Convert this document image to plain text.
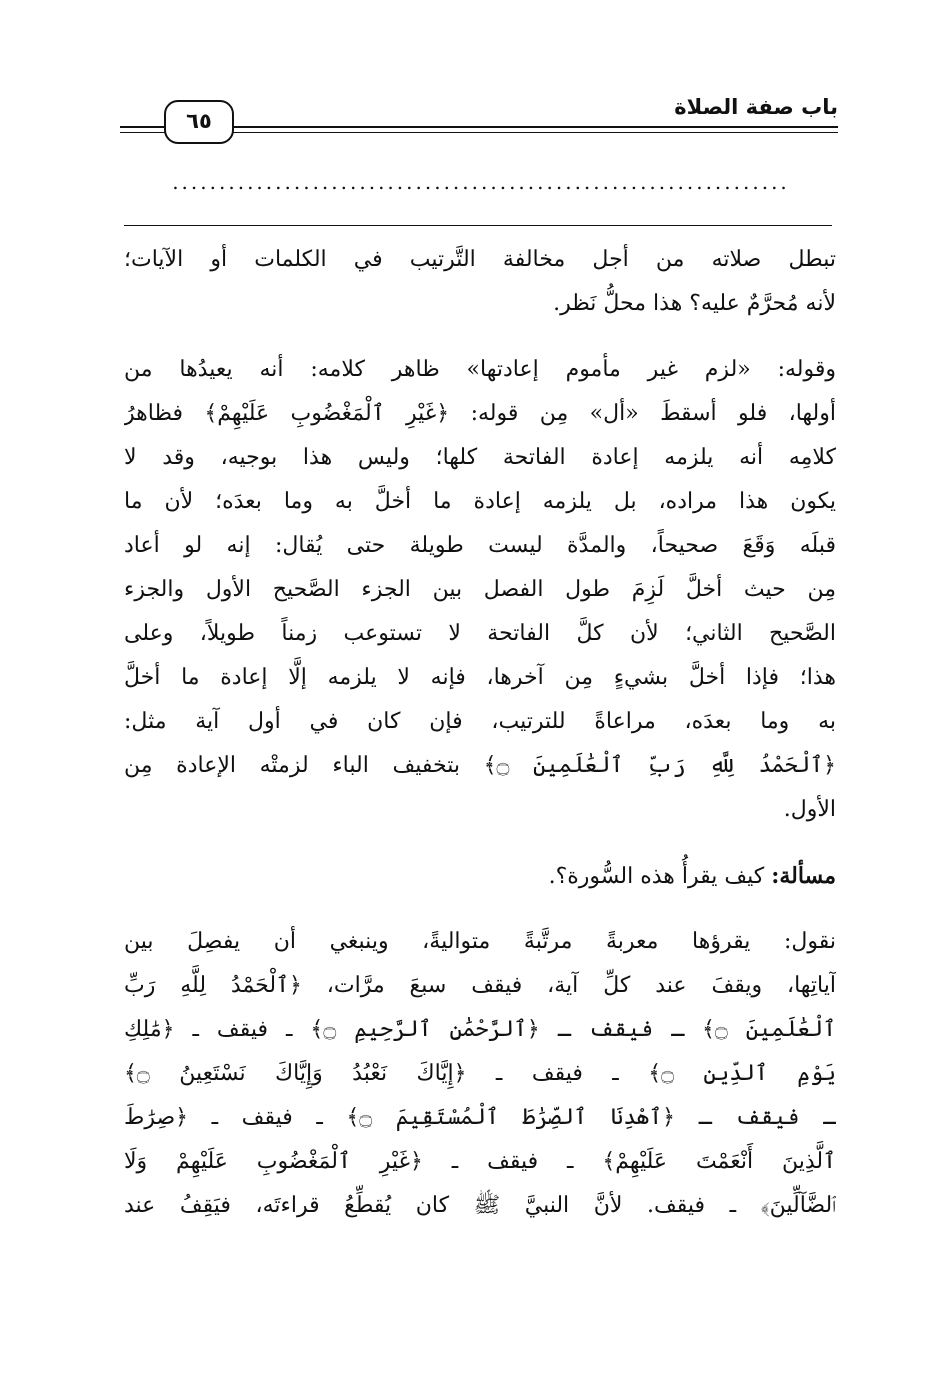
باب صفة الصلاة
٦٥
..................................................................
تبطل صلاته من أجل مخالفة التَّرتيب في الكلمات أو الآيات؛
لأنه مُحرَّمٌ عليه؟ هذا محلُّ نَظر.
وقوله: «لزم غير مأموم إعادتها» ظاهر كلامه: أنه يعيدُها من
أولها، فلو أسقطَ «أل» مِن قوله: ﴿غَيْرِ ٱلْمَغْضُوبِ عَلَيْهِمْ﴾ فظاهرُ
كلامِه أنه يلزمه إعادة الفاتحة كلها؛ وليس هذا بوجيه، وقد لا
يكون هذا مراده، بل يلزمه إعادة ما أخلَّ به وما بعدَه؛ لأن ما
قبلَه وَقَعَ صحيحاً، والمدَّة ليست طويلة حتى يُقال: إنه لو أعاد
مِن حيث أخلَّ لَزِمَ طول الفصل بين الجزء الصَّحيح الأول والجزء
الصَّحيح الثاني؛ لأن كلَّ الفاتحة لا تستوعب زمناً طويلاً، وعلى
هذا؛ فإذا أخلَّ بشيءٍ مِن آخرها، فإنه لا يلزمه إلَّا إعادة ما أخلَّ
به وما بعدَه، مراعاةً للترتيب، فإن كان في أول آية مثل:
﴿ٱلْحَمْدُ لِلَّهِ رَبِّ ٱلْعَٰلَمِينَ ۝﴾ بتخفيف الباء لزمتْه الإعادة مِن
الأول.
مسألة: كيف يقرأُ هذه السُّورة؟.
نقول: يقرؤها معربةً مرتَّبةً متواليةً، وينبغي أن يفصِلَ بين
آياتِها، ويقفَ عند كلِّ آية، فيقف سبعَ مرَّات، ﴿ٱلْحَمْدُ لِلَّهِ رَبِّ
ٱلْعَٰلَمِينَ ۝﴾ ـ فيقف ـ ﴿ٱلرَّحْمَٰنِ ٱلرَّحِيمِ ۝﴾ ـ فيقف ـ ﴿مَٰلِكِ
يَوْمِ ٱلدِّينِ ۝﴾ ـ فيقف ـ ﴿إِيَّاكَ نَعْبُدُ وَإِيَّاكَ نَسْتَعِينُ ۝﴾
ـ فيقف ـ ﴿ٱهْدِنَا ٱلصِّرَٰطَ ٱلْمُسْتَقِيمَ ۝﴾ ـ فيقف ـ ﴿صِرَٰطَ
ٱلَّذِينَ أَنْعَمْتَ عَلَيْهِمْ﴾ ـ فيقف ـ ﴿غَيْرِ ٱلْمَغْضُوبِ عَلَيْهِمْ وَلَا
ٱلضَّآلِّينَ﴾ ـ فيقف. لأنَّ النبيَّ ﷺ كان يُقطِّعُ قراءتَه، فيَقِفُ عند
